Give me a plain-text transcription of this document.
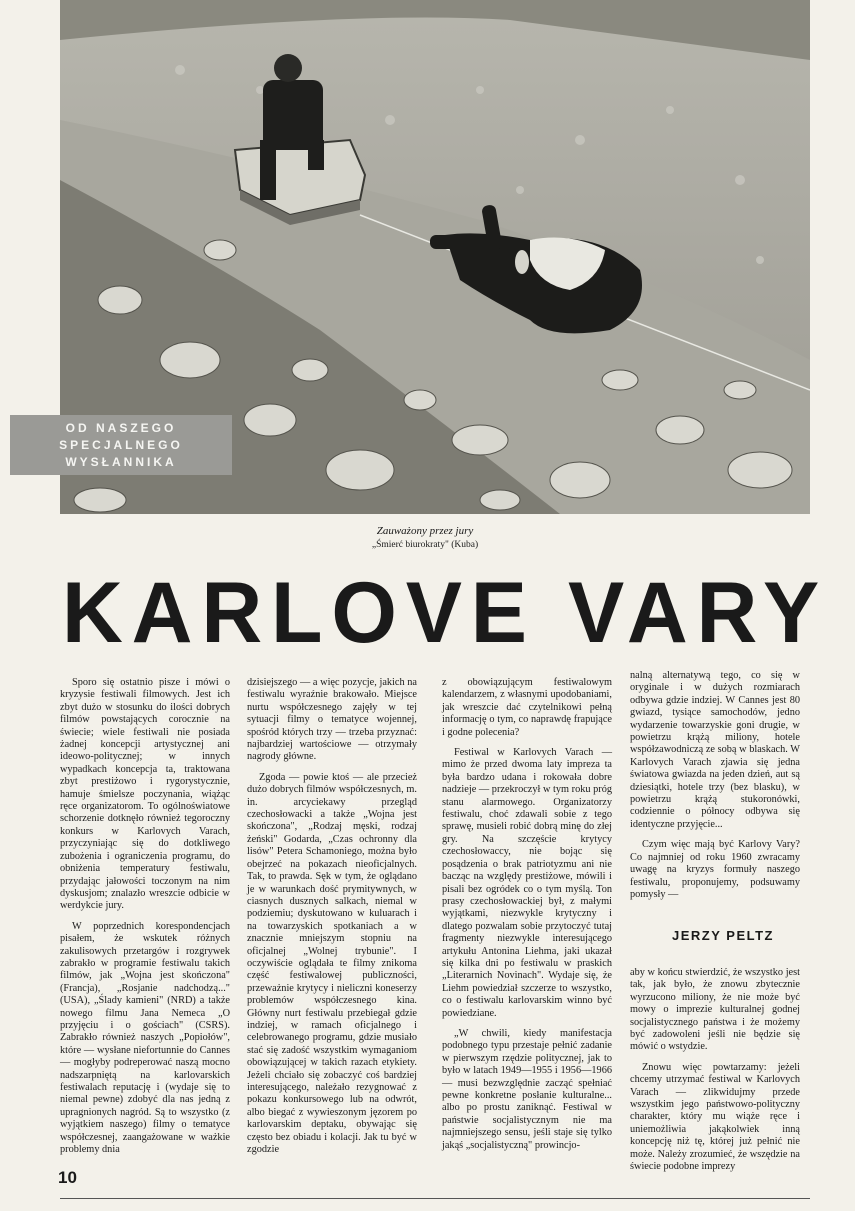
OD NASZEGO
SPECJALNEGO
WYSŁANNIKA
Zauważony przez jury
„Śmierć biurokraty" (Kuba)
KARLOVE VARY

Sporo się ostatnio pisze i mówi o kryzysie festiwali filmowych. Jest ich zbyt dużo w stosunku do ilości dobrych filmów powstających corocznie na świecie; wiele festiwali nie posiada żadnej koncepcji artystycznej ani ideowo-politycznej; w innych wypadkach koncepcja ta, traktowana zbyt prestiżowo i rygorystycznie, hamuje śmielsze poczynania, wiążąc ręce organizatorom. To ogólnoświatowe schorzenie dotknęło również tegoroczny konkurs w Karlovych Varach, przyczyniając się do dotkliwego zubożenia i ograniczenia programu, do obniżenia temperatury festiwalu, przydając jałowości toczonym na nim dyskusjom; znalazło wreszcie odbicie w werdykcie jury.

W poprzednich korespondencjach pisałem, że wskutek różnych zakulisowych przetargów i rozgrywek zabrakło w programie festiwalu takich filmów, jak „Wojna jest skończona" (Francja), „Rosjanie nadchodzą..." (USA), „Ślady kamieni" (NRD) a także nowego filmu Jana Nemeca „O przyjęciu i o gościach" (CSRS). Zabrakło również naszych „Popiołów", które — wysłane niefortunnie do Cannes — mogłyby podreperować naszą mocno nadszarpniętą na karlovarskich festiwalach reputację i (wydaje się to niemal pewne) zdobyć dla nas jedną z upragnionych nagród. Są to wszystko (z wyjątkiem naszego) filmy o tematyce współczesnej, zaangażowane w ważkie problemy dnia

dzisiejszego — a więc pozycje, jakich na festiwalu wyraźnie brakowało. Miejsce nurtu współczesnego zajęły w tej sytuacji filmy o tematyce wojennej, spośród których trzy — trzeba przyznać: najbardziej wartościowe — otrzymały nagrody główne.

Zgoda — powie ktoś — ale przecież dużo dobrych filmów współczesnych, m. in. arcyciekawy przegląd czechosłowacki a także „Wojna jest skończona", „Rodzaj męski, rodzaj żeński" Godarda, „Czas ochronny dla lisów" Petera Schamoniego, można było obejrzeć na pokazach nieoficjalnych. Tak, to prawda. Sęk w tym, że oglądano je w warunkach dość prymitywnych, w ciasnych dusznych salkach, niemal w podziemiu; dyskutowano w kuluarach i na towarzyskich spotkaniach a w znacznie mniejszym stopniu na oficjalnej „Wolnej trybunie". I oczywiście oglądała te filmy znikoma część festiwalowej publiczności, przeważnie krytycy i nieliczni koneserzy problemów współczesnego kina. Główny nurt festiwalu przebiegał gdzie indziej, w ramach oficjalnego i celebrowanego programu, gdzie musiało stać się zadość wszystkim wymaganiom obowiązującej w takich razach etykiety. Jeżeli chciało się zobaczyć coś bardziej interesującego, należało rezygnować z pokazu konkursowego lub na odwrót, albo biegać z wywieszonym jęzorem po karlovarskim deptaku, obywając się często bez obiadu i kolacji. Jak tu być w zgodzie

z obowiązującym festiwalowym kalendarzem, z własnymi upodobaniami, jak wreszcie dać czytelnikowi pełną informację o tym, co naprawdę frapujące i godne polecenia?

Festiwal w Karlovych Varach — mimo że przed dwoma laty impreza ta była bardzo udana i rokowała dobre nadzieje — przekroczył w tym roku próg stanu alarmowego. Organizatorzy festiwalu, choć zdawali sobie z tego sprawę, musieli robić dobrą minę do złej gry. Na szczęście krytycy czechosłowaccy, nie bojąc się posądzenia o brak patriotyzmu ani nie bacząc na względy prestiżowe, mówili i pisali bez ogródek co o tym myślą. Ton prasy czechosłowackiej był, z małymi wyjątkami, niezwykle krytyczny i dlatego pozwalam sobie przytoczyć tutaj fragmenty niezwykle interesującego artykułu Antonina Liehma, jaki ukazał się kilka dni po festiwalu w praskich „Literarnich Novinach". Wydaje się, że Liehm powiedział szczerze to wszystko, co o festiwalu karlovarskim winno być powiedziane.

„W chwili, kiedy manifestacja podobnego typu przestaje pełnić zadanie w pierwszym rzędzie politycznej, jak to było w latach 1949—1955 i 1956—1966 — musi bezwzględnie zacząć spełniać pewne konkretne posłanie kulturalne... albo po prostu zaniknąć. Festiwal w państwie socjalistycznym nie ma najmniejszego sensu, jeśli staje się tylko jakąś „socjalistyczną" prowincjo-

nalną alternatywą tego, co się w oryginale i w dużych rozmiarach odbywa gdzie indziej. W Cannes jest 80 gwiazd, tysiące samochodów, jedno wydarzenie towarzyskie goni drugie, w powietrzu krążą miliony, hotele współzawodniczą ze sobą w blaskach. W Karlovych Varach zjawia się jedna światowa gwiazda na jeden dzień, aut są dziesiątki, hotele trzy (bez blasku), w powietrzu krążą stukoronówki, codziennie o północy odbywa się identyczne przyjęcie...

Czym więc mają być Karlovy Vary? Co najmniej od roku 1960 zwracamy uwagę na kryzys formuły naszego festiwalu, proponujemy, podsuwamy pomysły —

JERZY PELTZ

aby w końcu stwierdzić, że wszystko jest tak, jak było, że znowu zbytecznie wyrzucono miliony, że nie może być mowy o imprezie kulturalnej godnej socjalistycznego państwa i że możemy być zadowoleni jeśli nie będzie się mówić o wstydzie.

Znowu więc powtarzamy: jeżeli chcemy utrzymać festiwal w Karlovych Varach — zlikwidujmy przede wszystkim jego państwowo-polityczny charakter, który mu wiąże ręce i uniemożliwia jakąkolwiek inną koncepcję niż tę, której już pełnić nie może. Należy zrozumieć, że wszędzie na świecie podobne imprezy

10
